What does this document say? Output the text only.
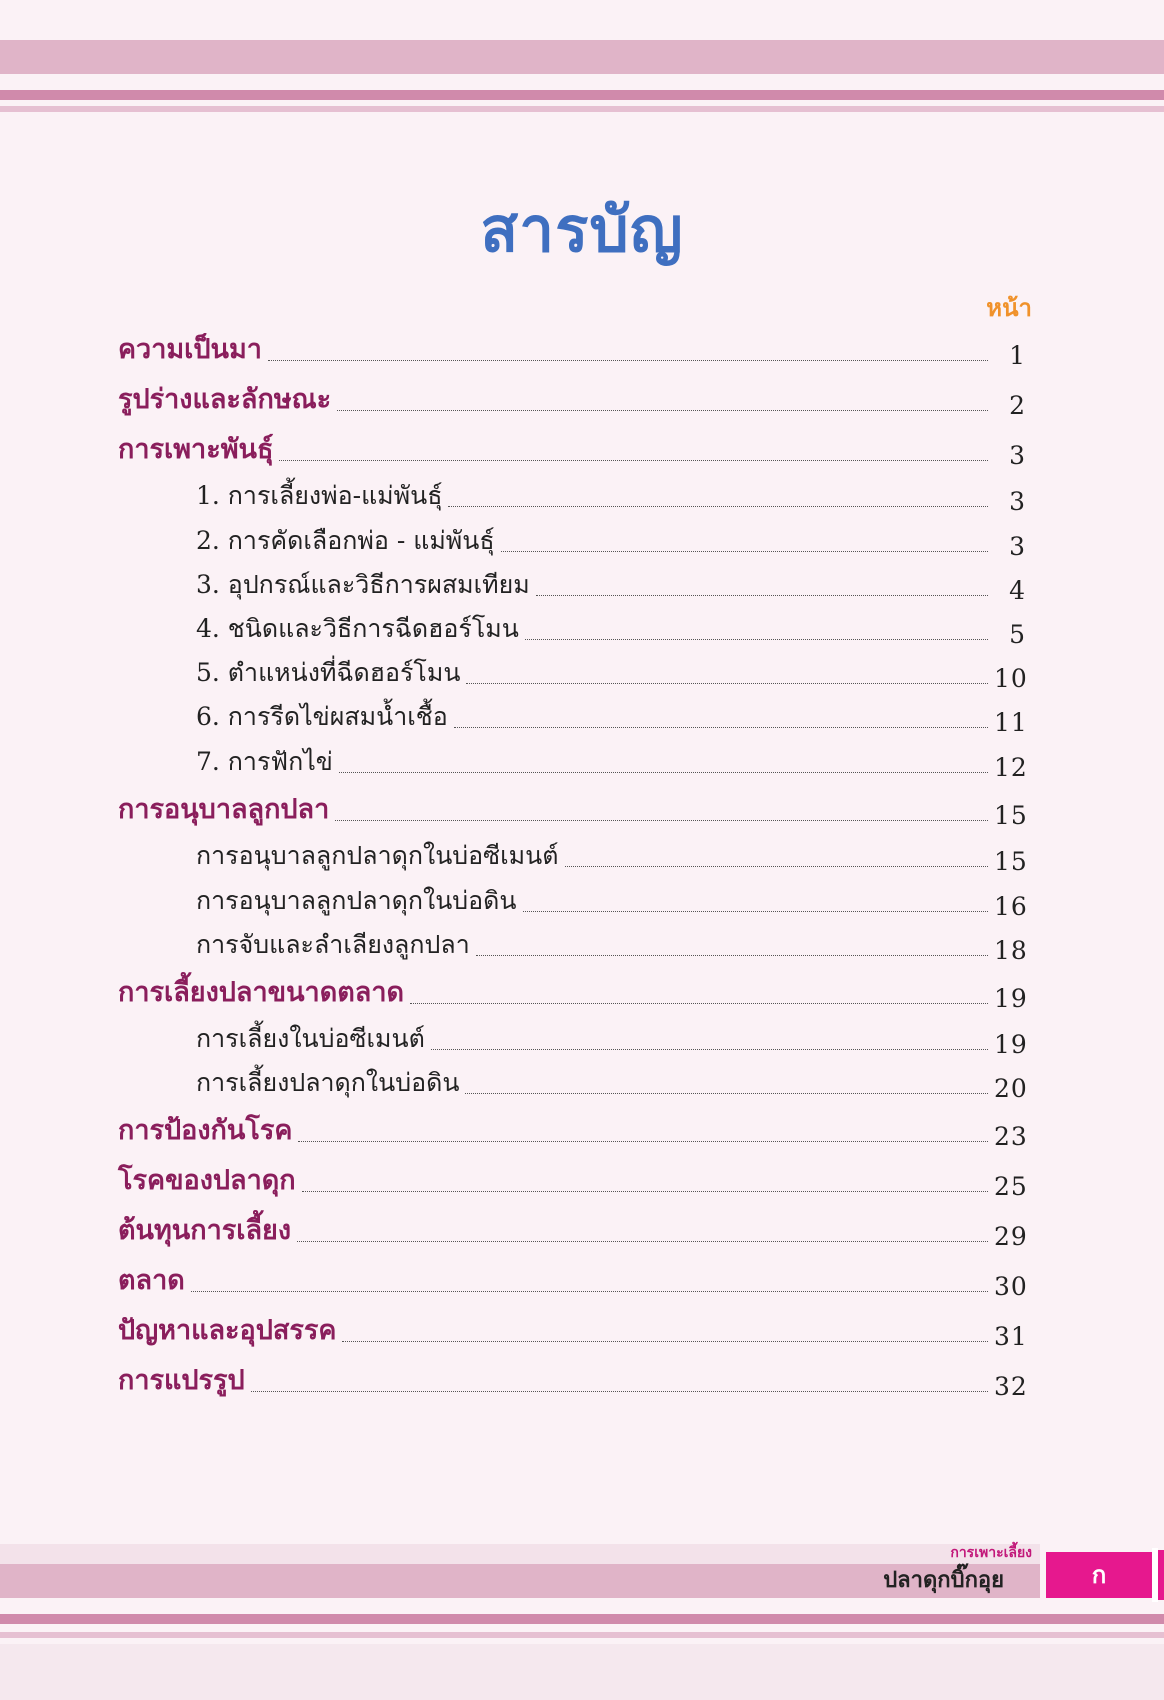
สารบัญ
หน้า
ความเป็นมา	1
รูปร่างและลักษณะ	2
การเพาะพันธุ์	3
1. การเลี้ยงพ่อ-แม่พันธุ์	3
2. การคัดเลือกพ่อ - แม่พันธุ์	3
3. อุปกรณ์และวิธีการผสมเทียม	4
4. ชนิดและวิธีการฉีดฮอร์โมน	5
5. ตำแหน่งที่ฉีดฮอร์โมน	10
6. การรีดไข่ผสมน้ำเชื้อ	11
7. การฟักไข่	12
การอนุบาลลูกปลา	15
การอนุบาลลูกปลาดุกในบ่อซีเมนต์	15
การอนุบาลลูกปลาดุกในบ่อดิน	16
การจับและลำเลียงลูกปลา	18
การเลี้ยงปลาขนาดตลาด	19
การเลี้ยงในบ่อซีเมนต์	19
การเลี้ยงปลาดุกในบ่อดิน	20
การป้องกันโรค	23
โรคของปลาดุก	25
ต้นทุนการเลี้ยง	29
ตลาด	30
ปัญหาและอุปสรรค	31
การแปรรูป	32
การเพาะเลี้ยง
ปลาดุกบิ๊กอุย	ก
